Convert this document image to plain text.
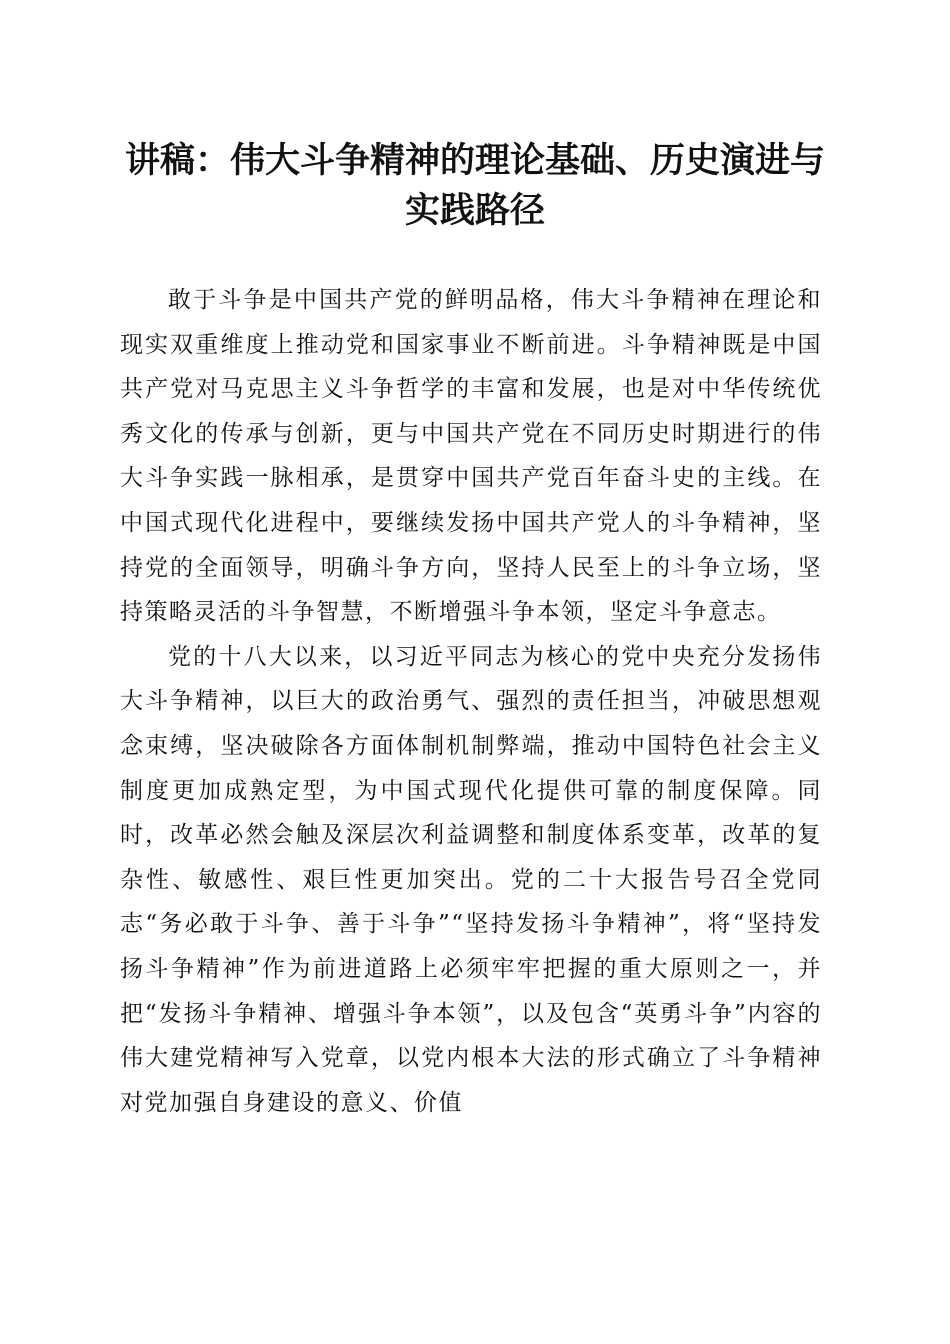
讲稿：伟大斗争精神的理论基础、历史演进与
实践路径

敢于斗争是中国共产党的鲜明品格，伟大斗争精神在理论和现实双重维度上推动党和国家事业不断前进。斗争精神既是中国共产党对马克思主义斗争哲学的丰富和发展，也是对中华传统优秀文化的传承与创新，更与中国共产党在不同历史时期进行的伟大斗争实践一脉相承，是贯穿中国共产党百年奋斗史的主线。在中国式现代化进程中，要继续发扬中国共产党人的斗争精神，坚持党的全面领导，明确斗争方向，坚持人民至上的斗争立场，坚持策略灵活的斗争智慧，不断增强斗争本领，坚定斗争意志。

党的十八大以来，以习近平同志为核心的党中央充分发扬伟大斗争精神，以巨大的政治勇气、强烈的责任担当，冲破思想观念束缚，坚决破除各方面体制机制弊端，推动中国特色社会主义制度更加成熟定型，为中国式现代化提供可靠的制度保障。同时，改革必然会触及深层次利益调整和制度体系变革，改革的复杂性、敏感性、艰巨性更加突出。党的二十大报告号召全党同志“务必敢于斗争、善于斗争”“坚持发扬斗争精神”，将“坚持发扬斗争精神”作为前进道路上必须牢牢把握的重大原则之一，并把“发扬斗争精神、增强斗争本领”，以及包含“英勇斗争”内容的伟大建党精神写入党章，以党内根本大法的形式确立了斗争精神对党加强自身建设的意义、价值
